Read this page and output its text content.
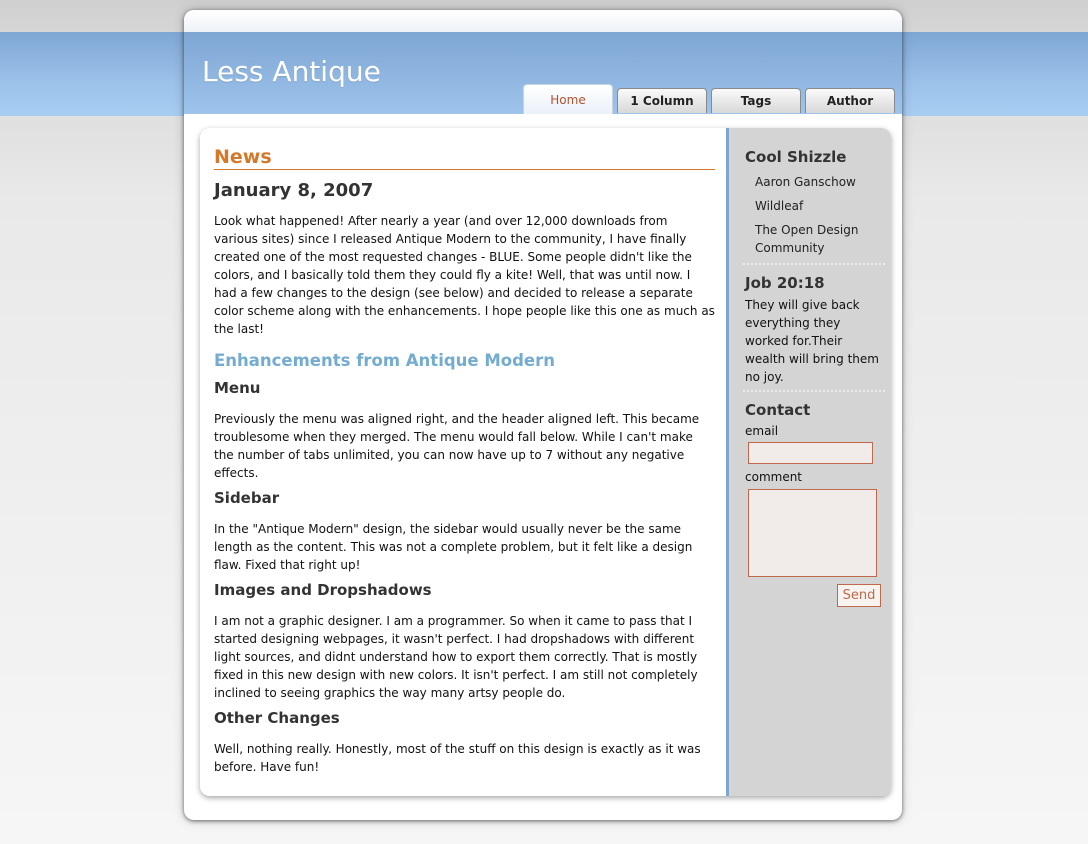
Less Antique
Home	1 Column	Tags	Author
News
January 8, 2007

Look what happened! After nearly a year (and over 12,000 downloads from various sites) since I released Antique Modern to the community, I have finally created one of the most requested changes - BLUE. Some people didn't like the colors, and I basically told them they could fly a kite! Well, that was until now. I had a few changes to the design (see below) and decided to release a separate color scheme along with the enhancements. I hope people like this one as much as the last!

Enhancements from Antique Modern
Menu

Previously the menu was aligned right, and the header aligned left. This became troublesome when they merged. The menu would fall below. While I can't make the number of tabs unlimited, you can now have up to 7 without any negative effects.

Sidebar

In the "Antique Modern" design, the sidebar would usually never be the same length as the content. This was not a complete problem, but it felt like a design flaw. Fixed that right up!

Images and Dropshadows

I am not a graphic designer. I am a programmer. So when it came to pass that I started designing webpages, it wasn't perfect. I had dropshadows with different light sources, and didnt understand how to export them correctly. That is mostly fixed in this new design with new colors. It isn't perfect. I am still not completely inclined to seeing graphics the way many artsy people do.

Other Changes

Well, nothing really. Honestly, most of the stuff on this design is exactly as it was before. Have fun!

Cool Shizzle
Aaron Ganschow
Wildleaf
The Open Design Community
Job 20:18

They will give back everything they worked for.Their wealth will bring them no joy.

Contact
email
comment
Send
